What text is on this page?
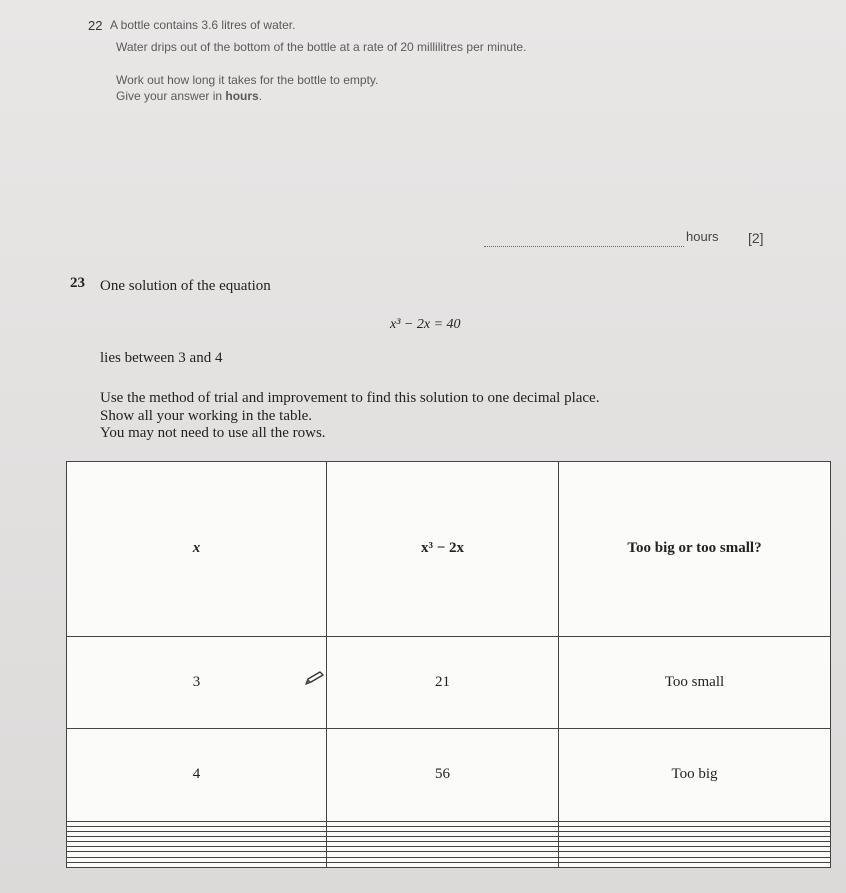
22 A bottle contains 3.6 litres of water.
Water drips out of the bottom of the bottle at a rate of 20 millilitres per minute.
Work out how long it takes for the bottle to empty.
Give your answer in hours.
hours [2]
23 One solution of the equation
x³ − 2x = 40
lies between 3 and 4
Use the method of trial and improvement to find this solution to one decimal place.
Show all your working in the table.
You may not need to use all the rows.
x	x³ − 2x	Too big or too small?
3	21	Too small
4	56	Too big
